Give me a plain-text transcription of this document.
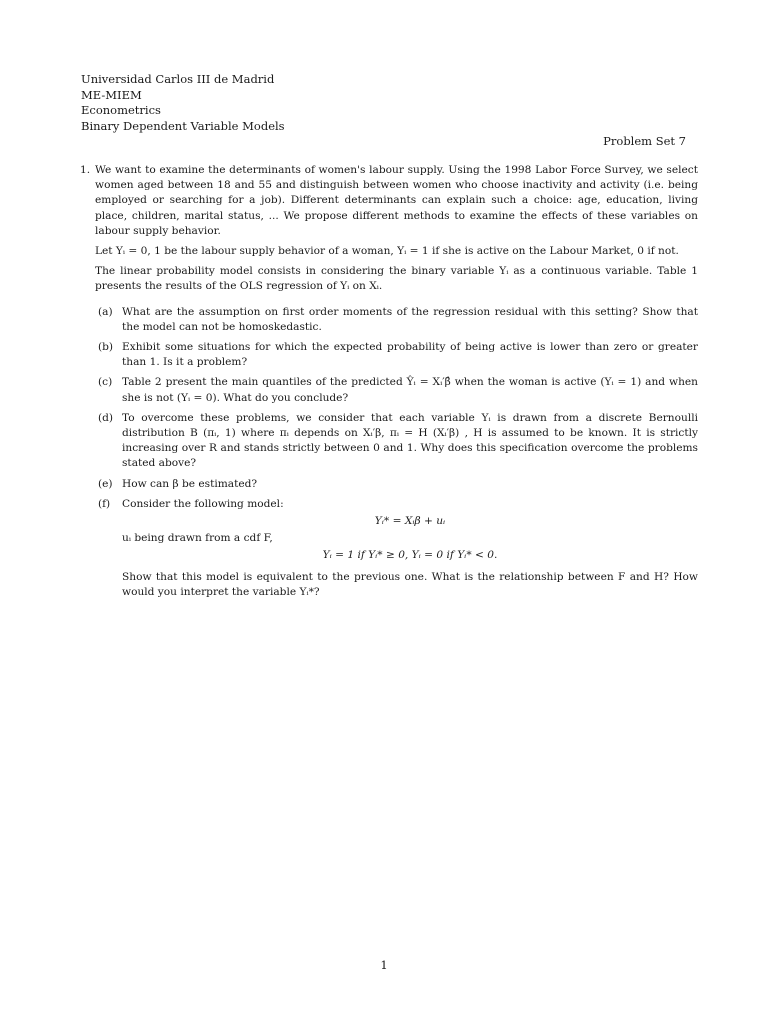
Universidad Carlos III de Madrid
ME-MIEM
Econometrics
Binary Dependent Variable Models
Problem Set 7
1. We want to examine the determinants of women's labour supply. Using the 1998 Labor Force Survey, we select women aged between 18 and 55 and distinguish between women who choose inactivity and activity (i.e. being employed or searching for a job). Different determinants can explain such a choice: age, education, living place, children, marital status, ... We propose different methods to examine the effects of these variables on labour supply behavior.

Let Yᵢ = 0, 1 be the labour supply behavior of a woman, Yᵢ = 1 if she is active on the Labour Market, 0 if not.

The linear probability model consists in considering the binary variable Yᵢ as a continuous variable. Table 1 presents the results of the OLS regression of Yᵢ on Xᵢ.

(a) What are the assumption on first order moments of the regression residual with this setting? Show that the model can not be homoskedastic.
(b) Exhibit some situations for which the expected probability of being active is lower than zero or greater than 1. Is it a problem?
(c) Table 2 present the main quantiles of the predicted Ŷᵢ = Xᵢ′β̂ when the woman is active (Yᵢ = 1) and when she is not (Yᵢ = 0). What do you conclude?
(d) To overcome these problems, we consider that each variable Yᵢ is drawn from a discrete Bernoulli distribution B (πᵢ, 1) where πᵢ depends on Xᵢ′β, πᵢ = H (Xᵢ′β) , H is assumed to be known. It is strictly increasing over R and stands strictly between 0 and 1. Why does this specification overcome the problems stated above?
(e) How can β be estimated?
(f) Consider the following model:
Yᵢ* = Xᵢβ + uᵢ
uᵢ being drawn from a cdf F,
Yᵢ = 1 if Yᵢ* ≥ 0, Yᵢ = 0 if Yᵢ* < 0.
Show that this model is equivalent to the previous one. What is the relationship between F and H? How would you interpret the variable Yᵢ*?
1
